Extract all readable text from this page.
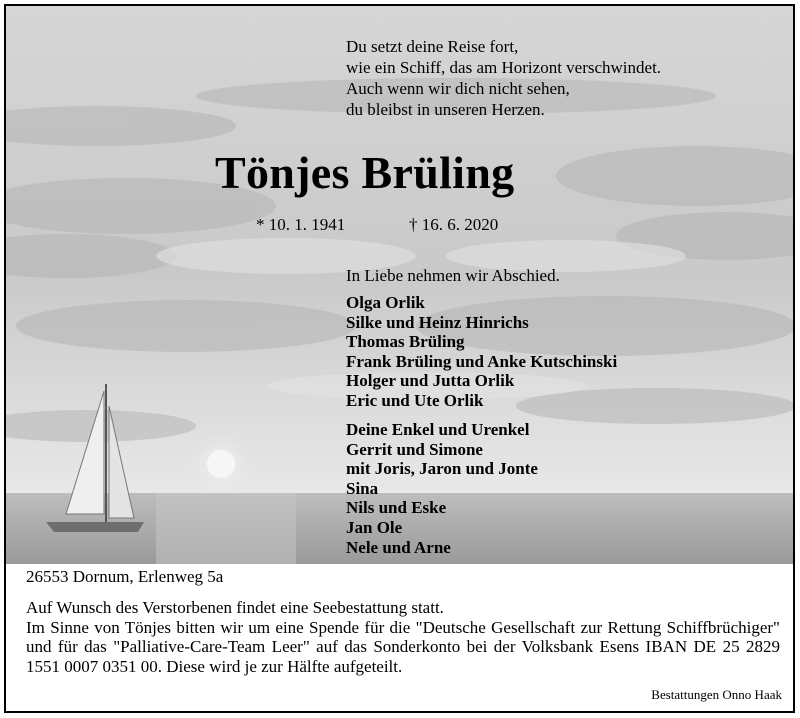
Du setzt deine Reise fort,
wie ein Schiff, das am Horizont verschwindet.
Auch wenn wir dich nicht sehen,
du bleibst in unseren Herzen.
Tönjes Brüling
* 10. 1. 1941	† 16. 6. 2020
In Liebe nehmen wir Abschied.
Olga Orlik
Silke und Heinz Hinrichs
Thomas Brüling
Frank Brüling und Anke Kutschinski
Holger und Jutta Orlik
Eric und Ute Orlik
Deine Enkel und Urenkel
Gerrit und Simone
mit Joris, Jaron und Jonte
Sina
Nils und Eske
Jan Ole
Nele und Arne
26553 Dornum, Erlenweg 5a

Auf Wunsch des Verstorbenen findet eine Seebestattung statt.

Im Sinne von Tönjes bitten wir um eine Spende für die "Deutsche Gesellschaft zur Rettung Schiffbrüchiger" und für das "Palliative-Care-Team Leer" auf das Sonderkonto bei der Volksbank Esens IBAN DE 25 2829 1551 0007 0351 00. Diese wird je zur Hälfte aufgeteilt.

Bestattungen Onno Haak
